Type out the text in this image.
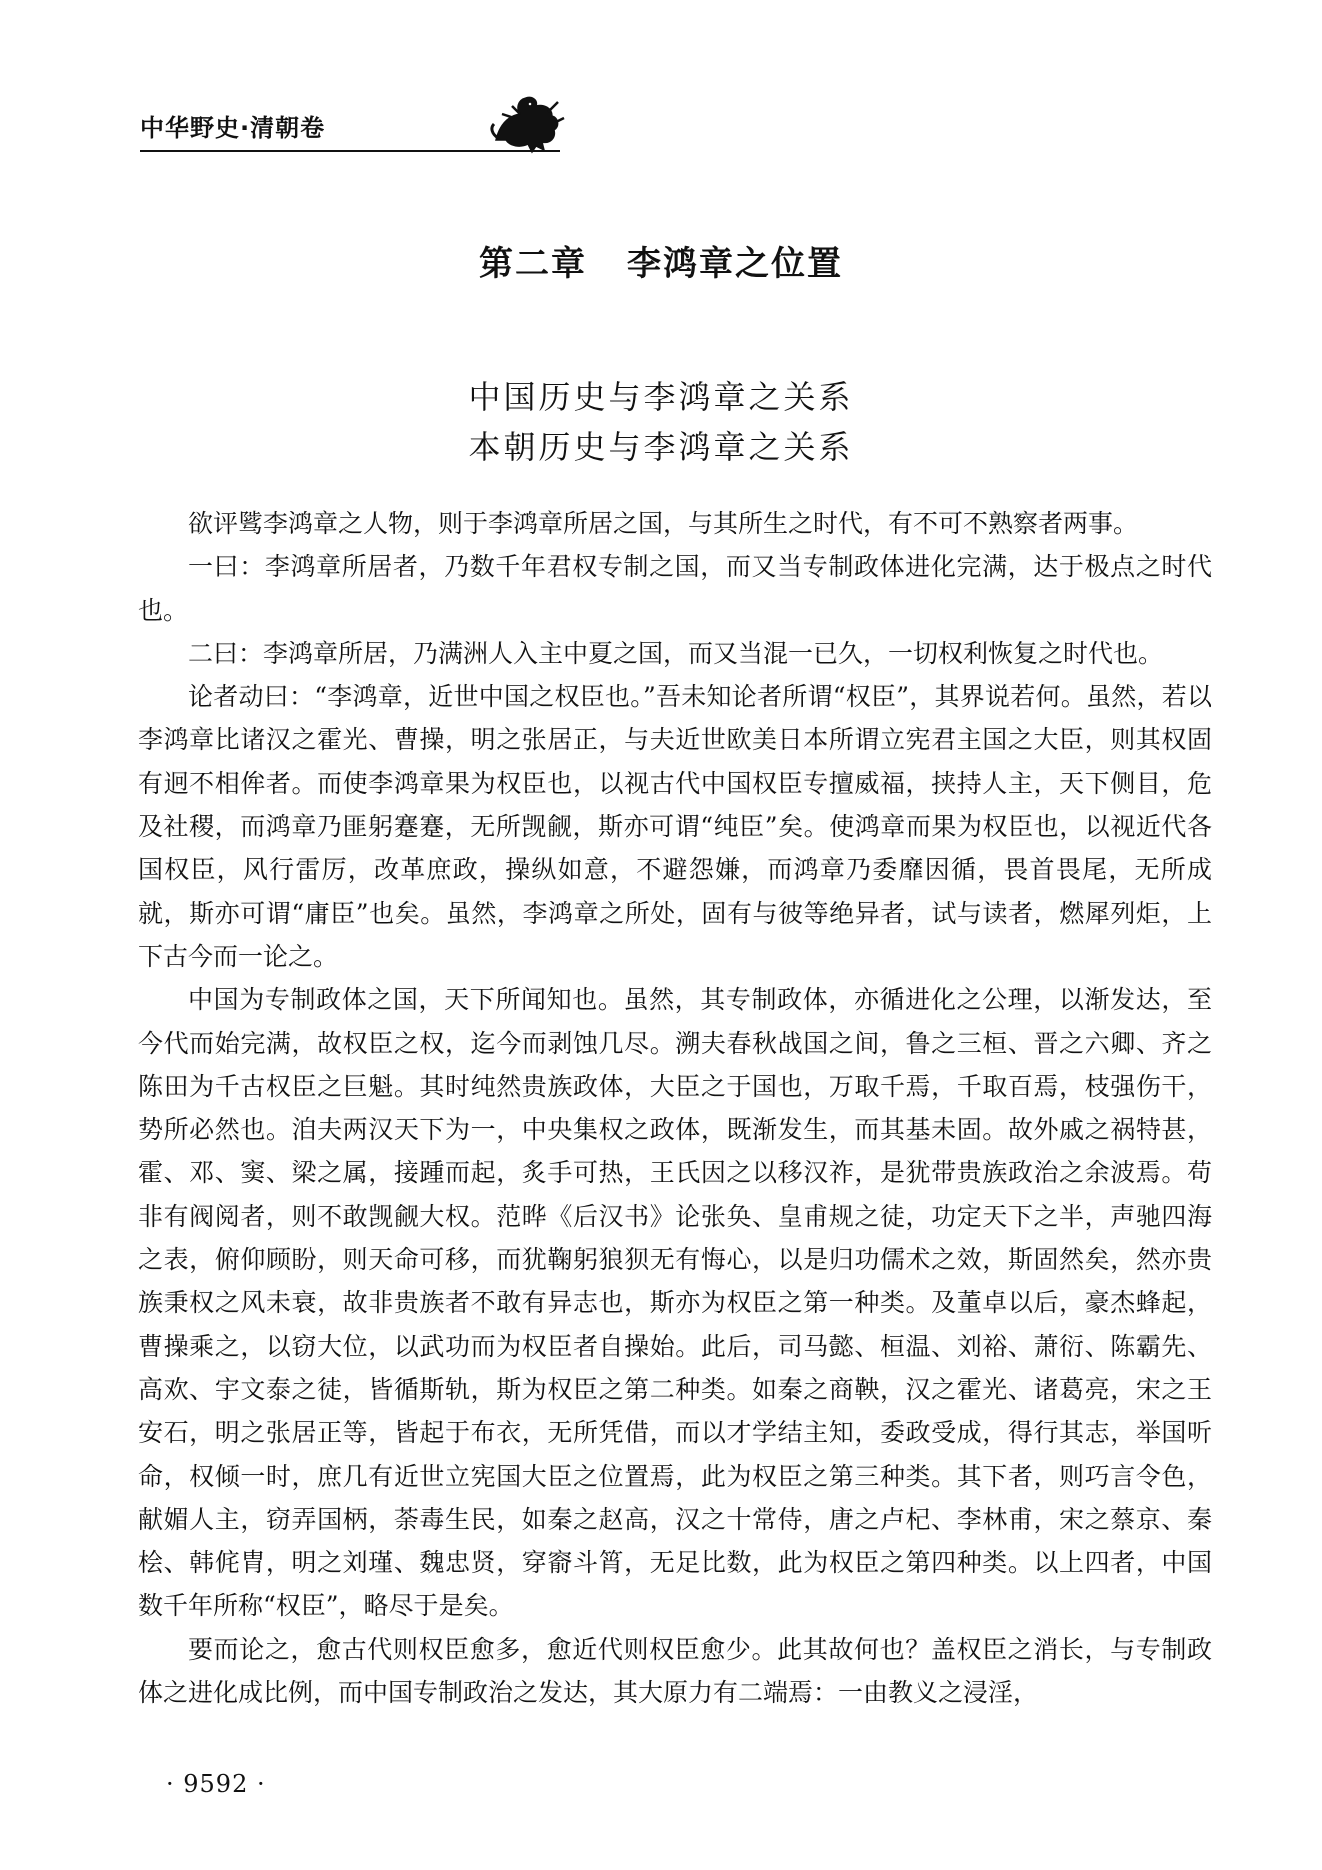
中华野史·清朝卷
第二章 李鸿章之位置
中国历史与李鸿章之关系
本朝历史与李鸿章之关系

欲评骘李鸿章之人物，则于李鸿章所居之国，与其所生之时代，有不可不熟察者两事。

一曰：李鸿章所居者，乃数千年君权专制之国，而又当专制政体进化完满，达于极点之时代也。

二曰：李鸿章所居，乃满洲人入主中夏之国，而又当混一已久，一切权利恢复之时代也。

论者动曰：“李鸿章，近世中国之权臣也。”吾未知论者所谓“权臣”，其界说若何。虽然，若以李鸿章比诸汉之霍光、曹操，明之张居正，与夫近世欧美日本所谓立宪君主国之大臣，则其权固有迥不相侔者。而使李鸿章果为权臣也，以视古代中国权臣专擅威福，挟持人主，天下侧目，危及社稷，而鸿章乃匪躬蹇蹇，无所觊觎，斯亦可谓“纯臣”矣。使鸿章而果为权臣也，以视近代各国权臣，风行雷厉，改革庶政，操纵如意，不避怨嫌，而鸿章乃委靡因循，畏首畏尾，无所成就，斯亦可谓“庸臣”也矣。虽然，李鸿章之所处，固有与彼等绝异者，试与读者，燃犀列炬，上下古今而一论之。

中国为专制政体之国，天下所闻知也。虽然，其专制政体，亦循进化之公理，以渐发达，至今代而始完满，故权臣之权，迄今而剥蚀几尽。溯夫春秋战国之间，鲁之三桓、晋之六卿、齐之陈田为千古权臣之巨魁。其时纯然贵族政体，大臣之于国也，万取千焉，千取百焉，枝强伤干，势所必然也。洎夫两汉天下为一，中央集权之政体，既渐发生，而其基未固。故外戚之祸特甚，霍、邓、窦、梁之属，接踵而起，炙手可热，王氏因之以移汉祚，是犹带贵族政治之余波焉。苟非有阀阅者，则不敢觊觎大权。范晔《后汉书》论张奂、皇甫规之徒，功定天下之半，声驰四海之表，俯仰顾盼，则天命可移，而犹鞠躬狼狈无有悔心，以是归功儒术之效，斯固然矣，然亦贵族秉权之风未衰，故非贵族者不敢有异志也，斯亦为权臣之第一种类。及董卓以后，豪杰蜂起，曹操乘之，以窃大位，以武功而为权臣者自操始。此后，司马懿、桓温、刘裕、萧衍、陈霸先、高欢、宇文泰之徒，皆循斯轨，斯为权臣之第二种类。如秦之商鞅，汉之霍光、诸葛亮，宋之王安石，明之张居正等，皆起于布衣，无所凭借，而以才学结主知，委政受成，得行其志，举国听命，权倾一时，庶几有近世立宪国大臣之位置焉，此为权臣之第三种类。其下者，则巧言令色，献媚人主，窃弄国柄，荼毒生民，如秦之赵高，汉之十常侍，唐之卢杞、李林甫，宋之蔡京、秦桧、韩侂胄，明之刘瑾、魏忠贤，穿窬斗筲，无足比数，此为权臣之第四种类。以上四者，中国数千年所称“权臣”，略尽于是矣。

要而论之，愈古代则权臣愈多，愈近代则权臣愈少。此其故何也？盖权臣之消长，与专制政体之进化成比例，而中国专制政治之发达，其大原力有二端焉：一由教义之浸淫，

· 9592 ·
